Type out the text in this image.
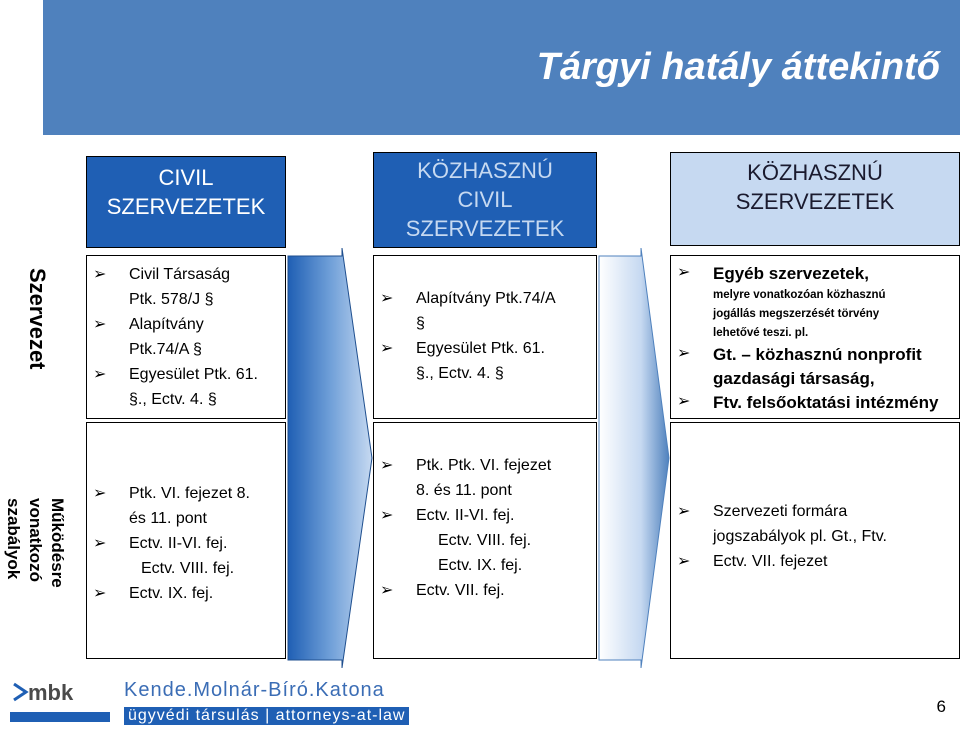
Tárgyi hatály áttekintő
Szervezet
Működésre
vonatkozó
szabályok
CIVIL
SZERVEZETEK
KÖZHASZNÚ
CIVIL
SZERVEZETEK
KÖZHASZNÚ
SZERVEZETEK
➢ Civil Társaság
Ptk. 578/J §
➢ Alapítvány
Ptk.74/A §
➢ Egyesület Ptk. 61.
§., Ectv. 4. §
➢ Ptk. VI. fejezet 8.
és 11. pont
➢ Ectv. II-VI. fej.
Ectv. VIII. fej.
➢ Ectv. IX. fej.
➢ Alapítvány Ptk.74/A
§
➢ Egyesület Ptk. 61.
§., Ectv. 4. §
➢ Ptk. Ptk. VI. fejezet
8. és 11. pont
➢ Ectv. II-VI. fej.
Ectv. VIII. fej.
Ectv. IX. fej.
➢ Ectv. VII. fej.
➢ Egyéb szervezetek,
melyre vonatkozóan közhasznú
jogállás megszerzését törvény
lehetővé teszi. pl.
➢ Gt. – közhasznú nonprofit
gazdasági társaság,
➢ Ftv. felsőoktatási intézmény
➢ Szervezeti formára
jogszabályok pl. Gt., Ftv.
➢ Ectv. VII. fejezet
mbk	Kende.Molnár-Bíró.Katona
ügyvédi társulás | attorneys-at-law	6
